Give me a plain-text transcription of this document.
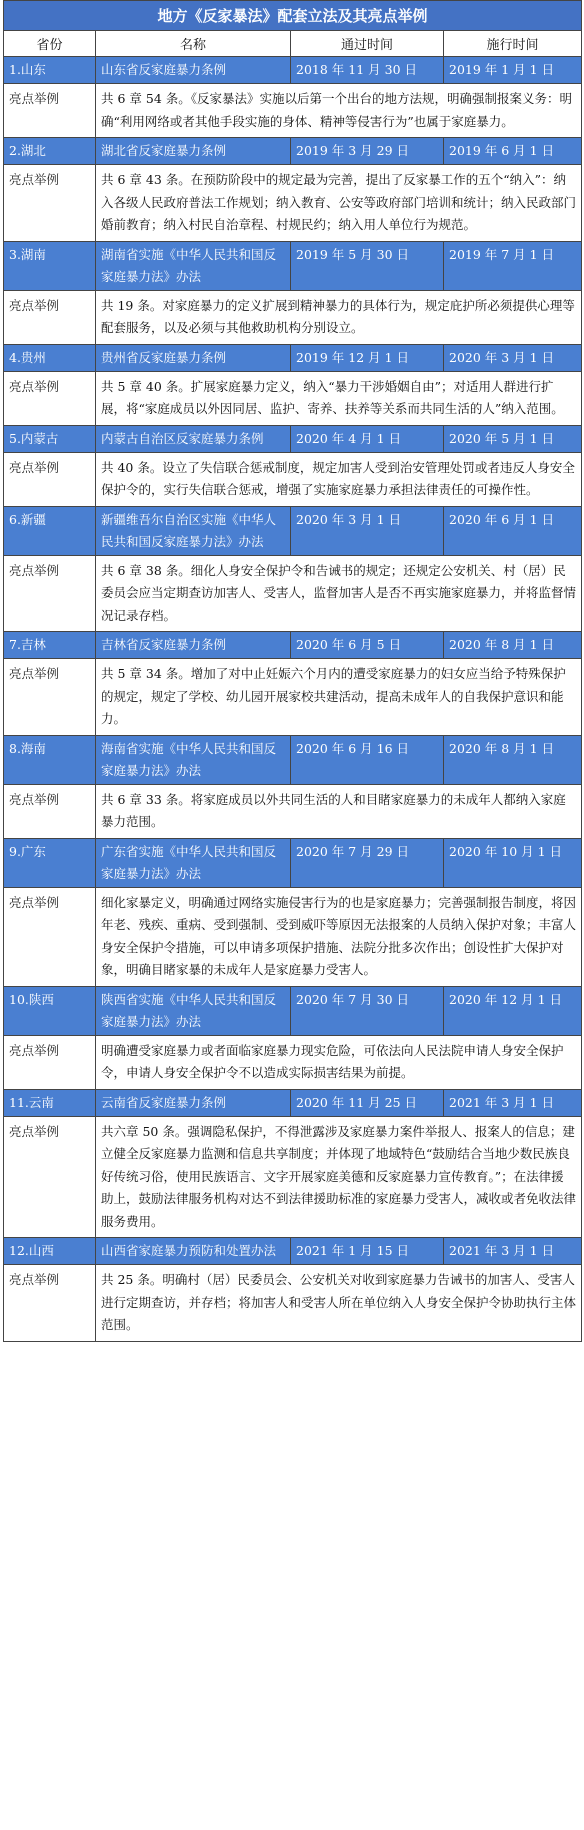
地方《反家暴法》配套立法及其亮点举例			
省份	名称	通过时间	施行时间
1.山东	山东省反家庭暴力条例	2018 年 11 月 30 日	2019 年 1 月 1 日
亮点举例	共 6 章 54 条。《反家暴法》实施以后第一个出台的地方法规，明确强制报案义务：明确“利用网络或者其他手段实施的身体、精神等侵害行为”也属于家庭暴力。		
2.湖北	湖北省反家庭暴力条例	2019 年 3 月 29 日	2019 年 6 月 1 日
亮点举例	共 6 章 43 条。在预防阶段中的规定最为完善，提出了反家暴工作的五个“纳入”：纳入各级人民政府普法工作规划；纳入教育、公安等政府部门培训和统计；纳入民政部门婚前教育；纳入村民自治章程、村规民约；纳入用人单位行为规范。		
3.湖南	湖南省实施《中华人民共和国反家庭暴力法》办法	2019 年 5 月 30 日	2019 年 7 月 1 日
亮点举例	共 19 条。对家庭暴力的定义扩展到精神暴力的具体行为，规定庇护所必须提供心理等配套服务，以及必须与其他救助机构分别设立。		
4.贵州	贵州省反家庭暴力条例	2019 年 12 月 1 日	2020 年 3 月 1 日
亮点举例	共 5 章 40 条。扩展家庭暴力定义，纳入“暴力干涉婚姻自由”；对适用人群进行扩展，将“家庭成员以外因同居、监护、寄养、扶养等关系而共同生活的人”纳入范围。		
5.内蒙古	内蒙古自治区反家庭暴力条例	2020 年 4 月 1 日	2020 年 5 月 1 日
亮点举例	共 40 条。设立了失信联合惩戒制度，规定加害人受到治安管理处罚或者违反人身安全保护令的，实行失信联合惩戒，增强了实施家庭暴力承担法律责任的可操作性。		
6.新疆	新疆维吾尔自治区实施《中华人民共和国反家庭暴力法》办法	2020 年 3 月 1 日	2020 年 6 月 1 日
亮点举例	共 6 章 38 条。细化人身安全保护令和告诫书的规定；还规定公安机关、村（居）民委员会应当定期查访加害人、受害人，监督加害人是否不再实施家庭暴力，并将监督情况记录存档。		
7.吉林	吉林省反家庭暴力条例	2020 年 6 月 5 日	2020 年 8 月 1 日
亮点举例	共 5 章 34 条。增加了对中止妊娠六个月内的遭受家庭暴力的妇女应当给予特殊保护的规定，规定了学校、幼儿园开展家校共建活动，提高未成年人的自我保护意识和能力。		
8.海南	海南省实施《中华人民共和国反家庭暴力法》办法	2020 年 6 月 16 日	2020 年 8 月 1 日
亮点举例	共 6 章 33 条。将家庭成员以外共同生活的人和目睹家庭暴力的未成年人都纳入家庭暴力范围。		
9.广东	广东省实施《中华人民共和国反家庭暴力法》办法	2020 年 7 月 29 日	2020 年 10 月 1 日
亮点举例	细化家暴定义，明确通过网络实施侵害行为的也是家庭暴力；完善强制报告制度，将因年老、残疾、重病、受到强制、受到威吓等原因无法报案的人员纳入保护对象；丰富人身安全保护令措施，可以申请多项保护措施、法院分批多次作出；创设性扩大保护对象，明确目睹家暴的未成年人是家庭暴力受害人。		
10.陕西	陕西省实施《中华人民共和国反家庭暴力法》办法	2020 年 7 月 30 日	2020 年 12 月 1 日
亮点举例	明确遭受家庭暴力或者面临家庭暴力现实危险，可依法向人民法院申请人身安全保护令，申请人身安全保护令不以造成实际损害结果为前提。		
11.云南	云南省反家庭暴力条例	2020 年 11 月 25 日	2021 年 3 月 1 日
亮点举例	共六章 50 条。强调隐私保护，不得泄露涉及家庭暴力案件举报人、报案人的信息；建立健全反家庭暴力监测和信息共享制度；并体现了地域特色“鼓励结合当地少数民族良好传统习俗，使用民族语言、文字开展家庭美德和反家庭暴力宣传教育。”；在法律援助上，鼓励法律服务机构对达不到法律援助标准的家庭暴力受害人，减收或者免收法律服务费用。		
12.山西	山西省家庭暴力预防和处置办法	2021 年 1 月 15 日	2021 年 3 月 1 日
亮点举例	共 25 条。明确村（居）民委员会、公安机关对收到家庭暴力告诫书的加害人、受害人进行定期查访，并存档；将加害人和受害人所在单位纳入人身安全保护令协助执行主体范围。		
